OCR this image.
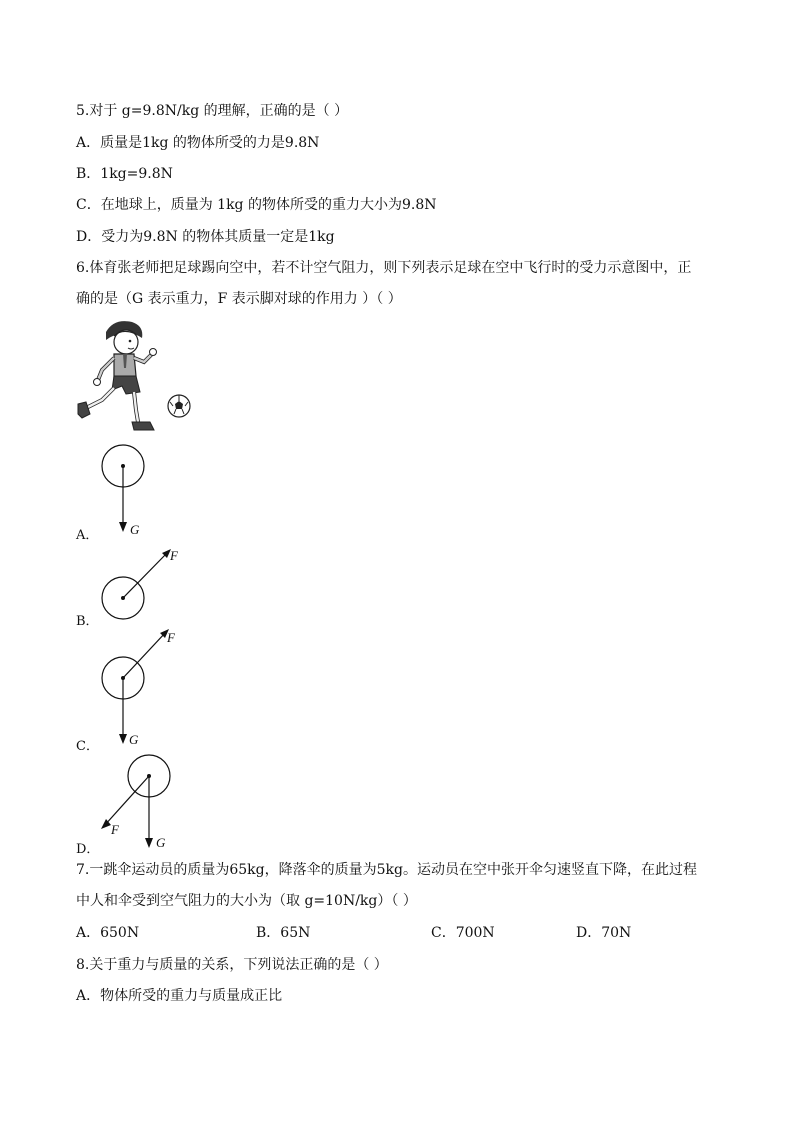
5.对于 g=9.8N/kg 的理解，正确的是（ ）
A．质量是1kg 的物体所受的力是9.8N
B．1kg=9.8N
C．在地球上，质量为 1kg 的物体所受的重力大小为9.8N
D．受力为9.8N 的物体其质量一定是1kg
6.体育张老师把足球踢向空中，若不计空气阻力，则下列表示足球在空中飞行时的受力示意图中，正
确的是（G 表示重力，F 表示脚对球的作用力 ）（ ）
A． G
B．
F
C．
F
G
D．
F
G
7.一跳伞运动员的质量为65kg，降落伞的质量为5kg。运动员在空中张开伞匀速竖直下降，在此过程
中人和伞受到空气阻力的大小为（取 g=10N/kg）（ ）
A．650N	B．65N	C．700N	D．70N
8.关于重力与质量的关系，下列说法正确的是（ ）
A．物体所受的重力与质量成正比
